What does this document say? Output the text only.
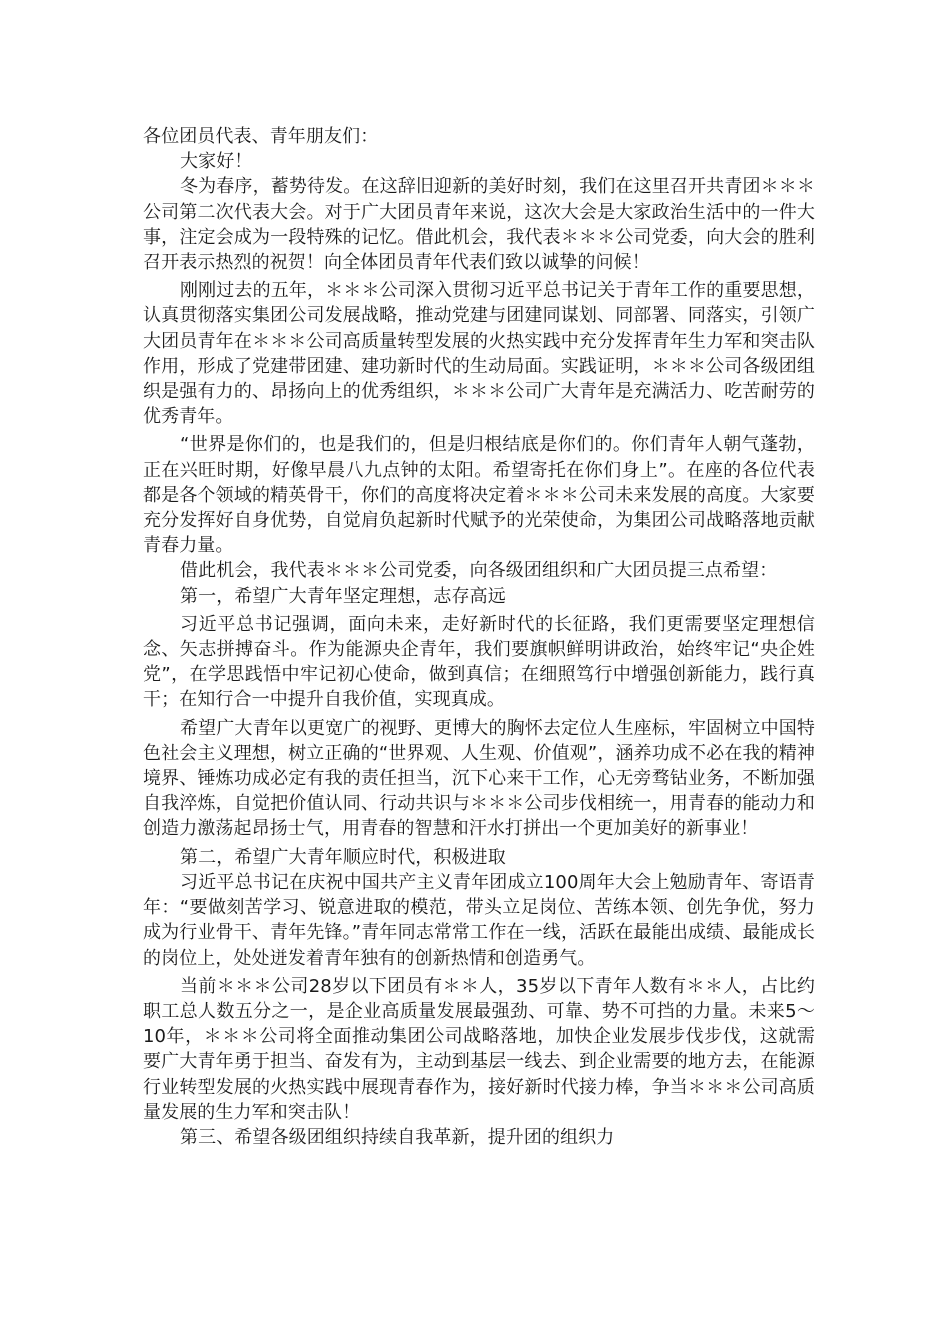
各位团员代表、青年朋友们：

大家好！

冬为春序，蓄势待发。在这辞旧迎新的美好时刻，我们在这里召开共青团＊＊＊公司第二次代表大会。对于广大团员青年来说，这次大会是大家政治生活中的一件大事，注定会成为一段特殊的记忆。借此机会，我代表＊＊＊公司党委，向大会的胜利召开表示热烈的祝贺！向全体团员青年代表们致以诚挚的问候！

刚刚过去的五年，＊＊＊公司深入贯彻习近平总书记关于青年工作的重要思想，认真贯彻落实集团公司发展战略，推动党建与团建同谋划、同部署、同落实，引领广大团员青年在＊＊＊公司高质量转型发展的火热实践中充分发挥青年生力军和突击队作用，形成了党建带团建、建功新时代的生动局面。实践证明，＊＊＊公司各级团组织是强有力的、昂扬向上的优秀组织，＊＊＊公司广大青年是充满活力、吃苦耐劳的优秀青年。

“世界是你们的，也是我们的，但是归根结底是你们的。你们青年人朝气蓬勃，正在兴旺时期，好像早晨八九点钟的太阳。希望寄托在你们身上”。在座的各位代表都是各个领域的精英骨干，你们的高度将决定着＊＊＊公司未来发展的高度。大家要充分发挥好自身优势，自觉肩负起新时代赋予的光荣使命，为集团公司战略落地贡献青春力量。

借此机会，我代表＊＊＊公司党委，向各级团组织和广大团员提三点希望：

第一，希望广大青年坚定理想，志存高远

习近平总书记强调，面向未来，走好新时代的长征路，我们更需要坚定理想信念、矢志拼搏奋斗。作为能源央企青年，我们要旗帜鲜明讲政治，始终牢记“央企姓党”，在学思践悟中牢记初心使命，做到真信；在细照笃行中增强创新能力，践行真干；在知行合一中提升自我价值，实现真成。

希望广大青年以更宽广的视野、更博大的胸怀去定位人生座标，牢固树立中国特色社会主义理想，树立正确的“世界观、人生观、价值观”，涵养功成不必在我的精神境界、锤炼功成必定有我的责任担当，沉下心来干工作，心无旁骛钻业务，不断加强自我淬炼，自觉把价值认同、行动共识与＊＊＊公司步伐相统一，用青春的能动力和创造力激荡起昂扬士气，用青春的智慧和汗水打拼出一个更加美好的新事业！

第二，希望广大青年顺应时代，积极进取

习近平总书记在庆祝中国共产主义青年团成立100周年大会上勉励青年、寄语青年：“要做刻苦学习、锐意进取的模范，带头立足岗位、苦练本领、创先争优，努力成为行业骨干、青年先锋。”青年同志常常工作在一线，活跃在最能出成绩、最能成长的岗位上，处处迸发着青年独有的创新热情和创造勇气。

当前＊＊＊公司28岁以下团员有＊＊人，35岁以下青年人数有＊＊人，占比约职工总人数五分之一，是企业高质量发展最强劲、可靠、势不可挡的力量。未来5～10年，＊＊＊公司将全面推动集团公司战略落地，加快企业发展步伐步伐，这就需要广大青年勇于担当、奋发有为，主动到基层一线去、到企业需要的地方去，在能源行业转型发展的火热实践中展现青春作为，接好新时代接力棒，争当＊＊＊公司高质量发展的生力军和突击队！

第三、希望各级团组织持续自我革新，提升团的组织力
